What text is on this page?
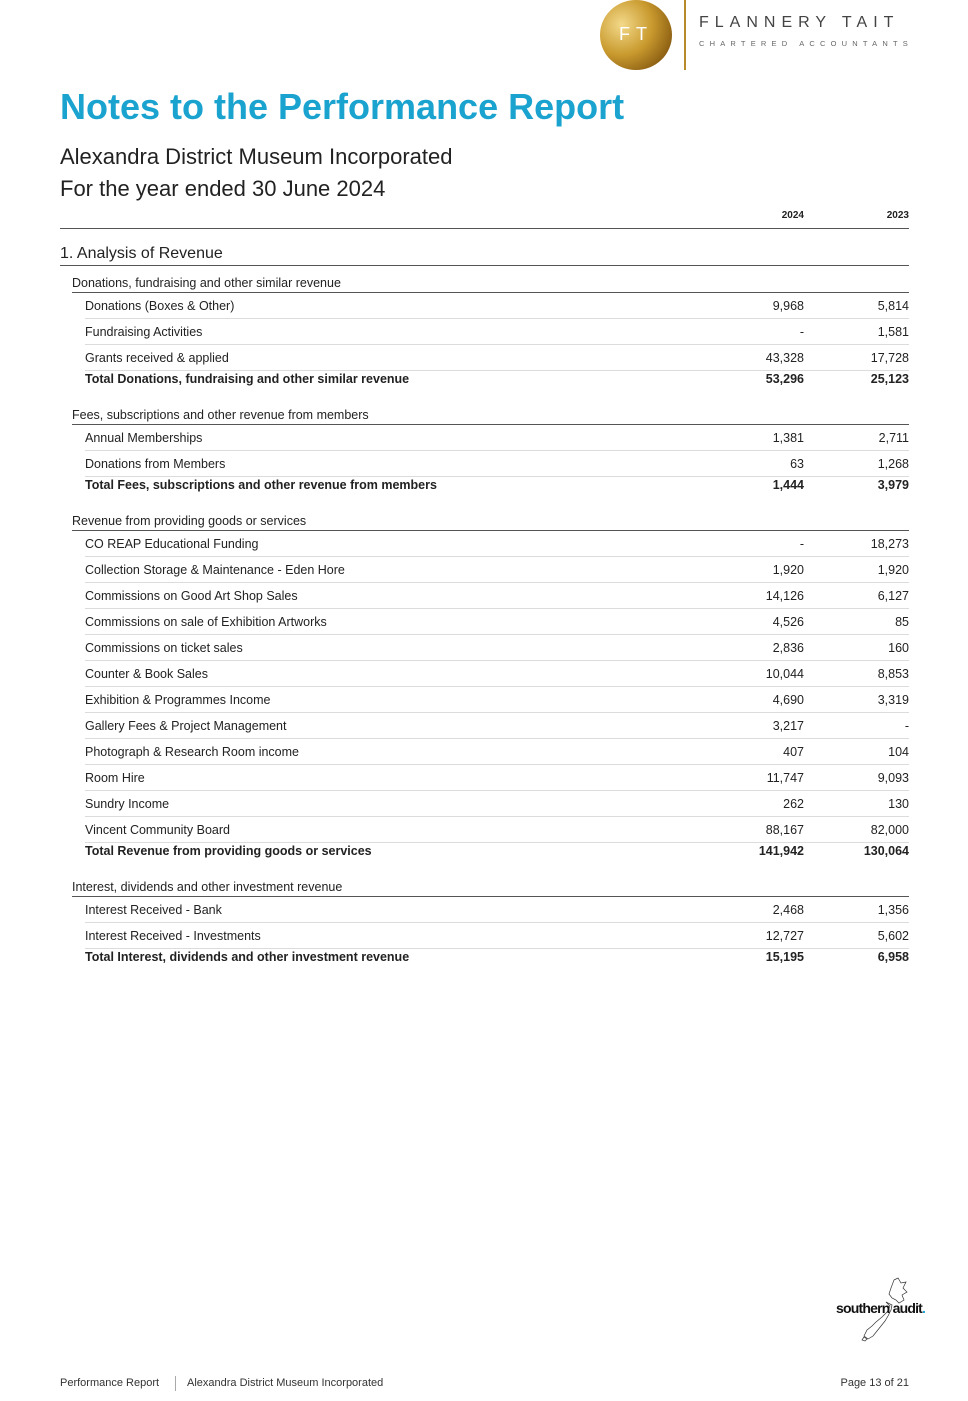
FT
FLANNERY TAIT
CHARTERED ACCOUNTANTS
Notes to the Performance Report
Alexandra District Museum Incorporated
For the year ended 30 June 2024
2024	2023
1. Analysis of Revenue
Donations, fundraising and other similar revenue
Donations (Boxes & Other)	9,968	5,814
Fundraising Activities	-	1,581
Grants received & applied	43,328	17,728
Total Donations, fundraising and other similar revenue	53,296	25,123
Fees, subscriptions and other revenue from members
Annual Memberships	1,381	2,711
Donations from Members	63	1,268
Total Fees, subscriptions and other revenue from members	1,444	3,979
Revenue from providing goods or services
CO REAP Educational Funding	-	18,273
Collection Storage & Maintenance - Eden Hore	1,920	1,920
Commissions on Good Art Shop Sales	14,126	6,127
Commissions on sale of Exhibition Artworks	4,526	85
Commissions on ticket sales	2,836	160
Counter & Book Sales	10,044	8,853
Exhibition & Programmes Income	4,690	3,319
Gallery Fees & Project Management	3,217	-
Photograph & Research Room income	407	104
Room Hire	11,747	9,093
Sundry Income	262	130
Vincent Community Board	88,167	82,000
Total Revenue from providing goods or services	141,942	130,064
Interest, dividends and other investment revenue
Interest Received - Bank	2,468	1,356
Interest Received - Investments	12,727	5,602
Total Interest, dividends and other investment revenue	15,195	6,958
southern audit.
Performance Report	Alexandra District Museum Incorporated	Page 13 of 21
